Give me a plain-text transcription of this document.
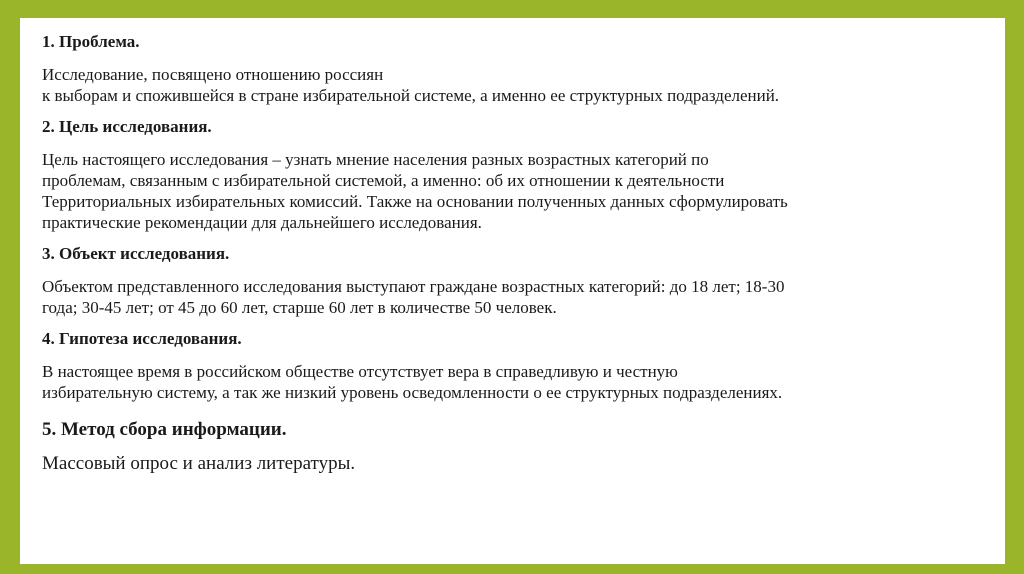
1. Проблема.
Исследование, посвящено отношению россиян
к выборам и спожившейся в стране избирательной системе, а именно ее структурных подразделений.
2. Цель исследования.
Цель настоящего исследования – узнать мнение населения разных возрастных категорий по
проблемам, связанным с избирательной системой, а именно: об их отношении к деятельности
Территориальных избирательных комиссий. Также на основании полученных данных сформулировать
практические рекомендации для дальнейшего исследования.
3. Объект исследования.
Объектом представленного исследования выступают граждане возрастных категорий: до 18 лет; 18-30
года; 30-45 лет; от 45 до 60 лет, старше 60 лет в количестве 50 человек.
4. Гипотеза исследования.
В настоящее время в российском обществе отсутствует вера в справедливую и честную
избирательную систему, а так же низкий уровень осведомленности о ее структурных подразделениях.
5. Метод сбора информации.
Массовый опрос и анализ литературы.
